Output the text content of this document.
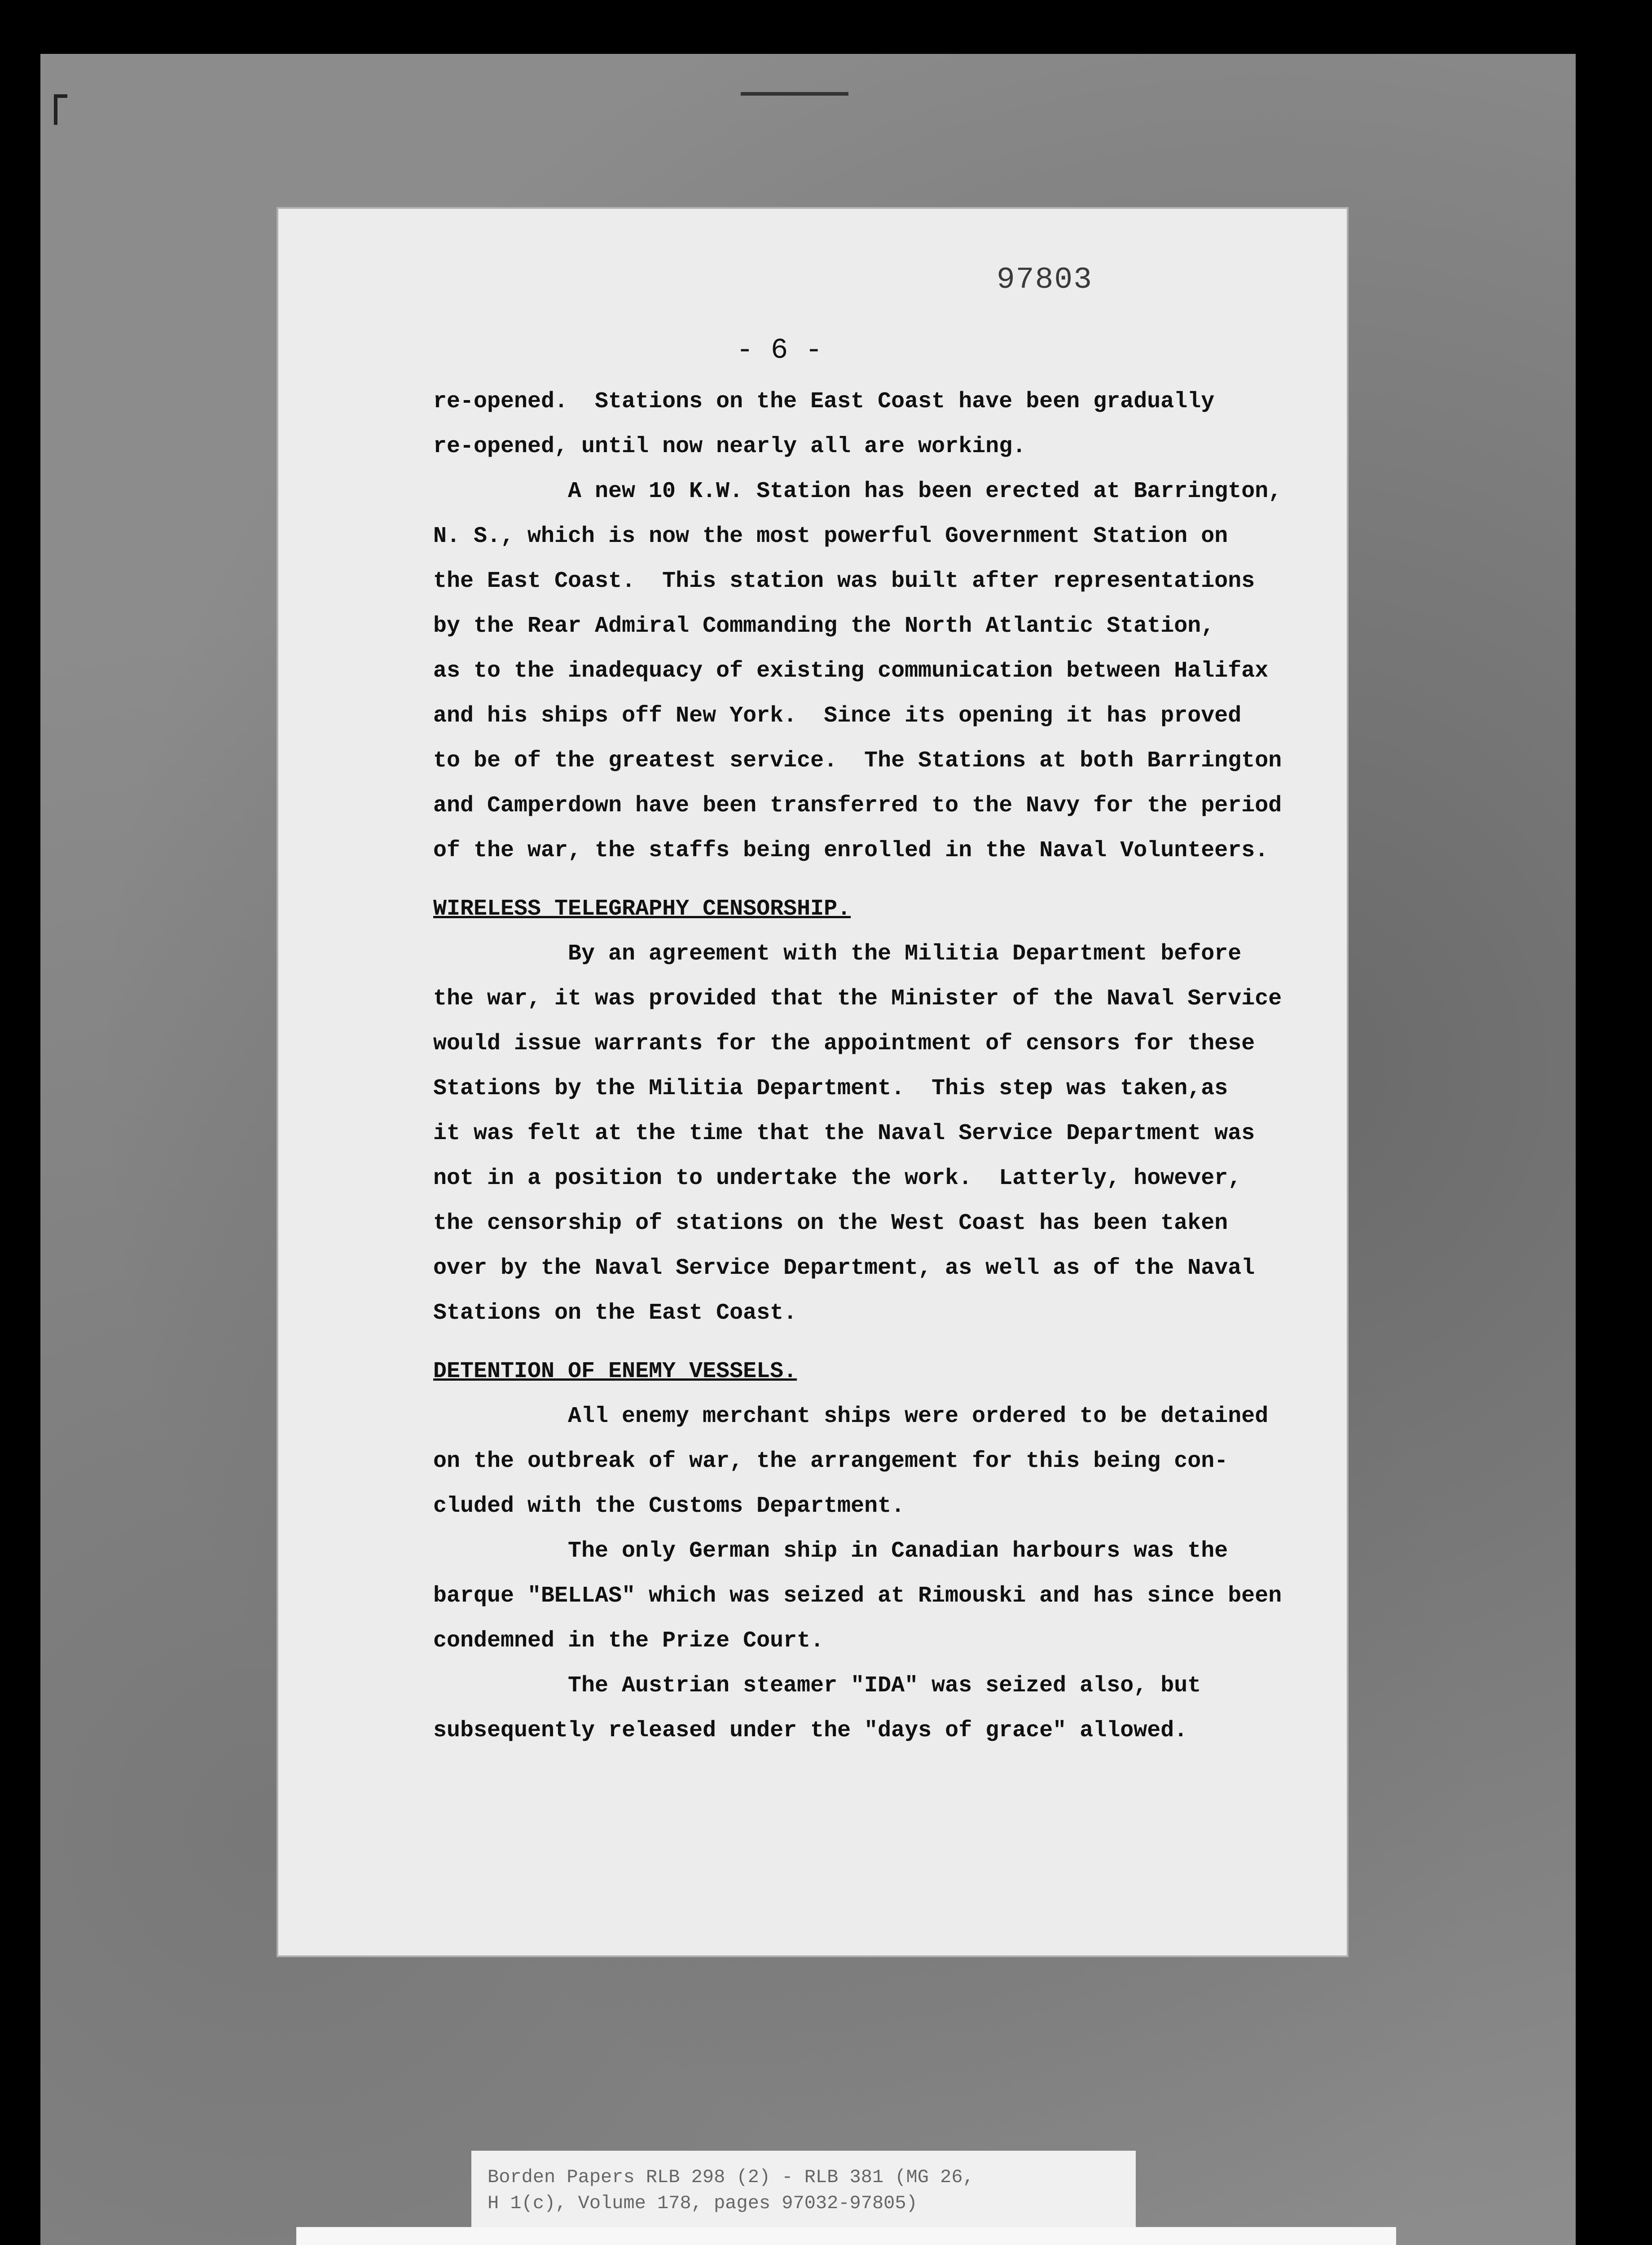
97803
- 6 -
re-opened.  Stations on the East Coast have been gradually
re-opened, until now nearly all are working.
A new 10 K.W. Station has been erected at Barrington,
N. S., which is now the most powerful Government Station on
the East Coast.  This station was built after representations
by the Rear Admiral Commanding the North Atlantic Station,
as to the inadequacy of existing communication between Halifax
and his ships off New York.  Since its opening it has proved
to be of the greatest service.  The Stations at both Barrington
and Camperdown have been transferred to the Navy for the period
of the war, the staffs being enrolled in the Naval Volunteers.
WIRELESS TELEGRAPHY CENSORSHIP.
By an agreement with the Militia Department before
the war, it was provided that the Minister of the Naval Service
would issue warrants for the appointment of censors for these
Stations by the Militia Department.  This step was taken,as
it was felt at the time that the Naval Service Department was
not in a position to undertake the work.  Latterly, however,
the censorship of stations on the West Coast has been taken
over by the Naval Service Department, as well as of the Naval
Stations on the East Coast.
DETENTION OF ENEMY VESSELS.
All enemy merchant ships were ordered to be detained
on the outbreak of war, the arrangement for this being con-
cluded with the Customs Department.
The only German ship in Canadian harbours was the
barque "BELLAS" which was seized at Rimouski and has since been
condemned in the Prize Court.
The Austrian steamer "IDA" was seized also, but
subsequently released under the "days of grace" allowed.
Borden Papers RLB 298 (2) - RLB 381 (MG 26,
H 1(c), Volume 178, pages 97032-97805)
